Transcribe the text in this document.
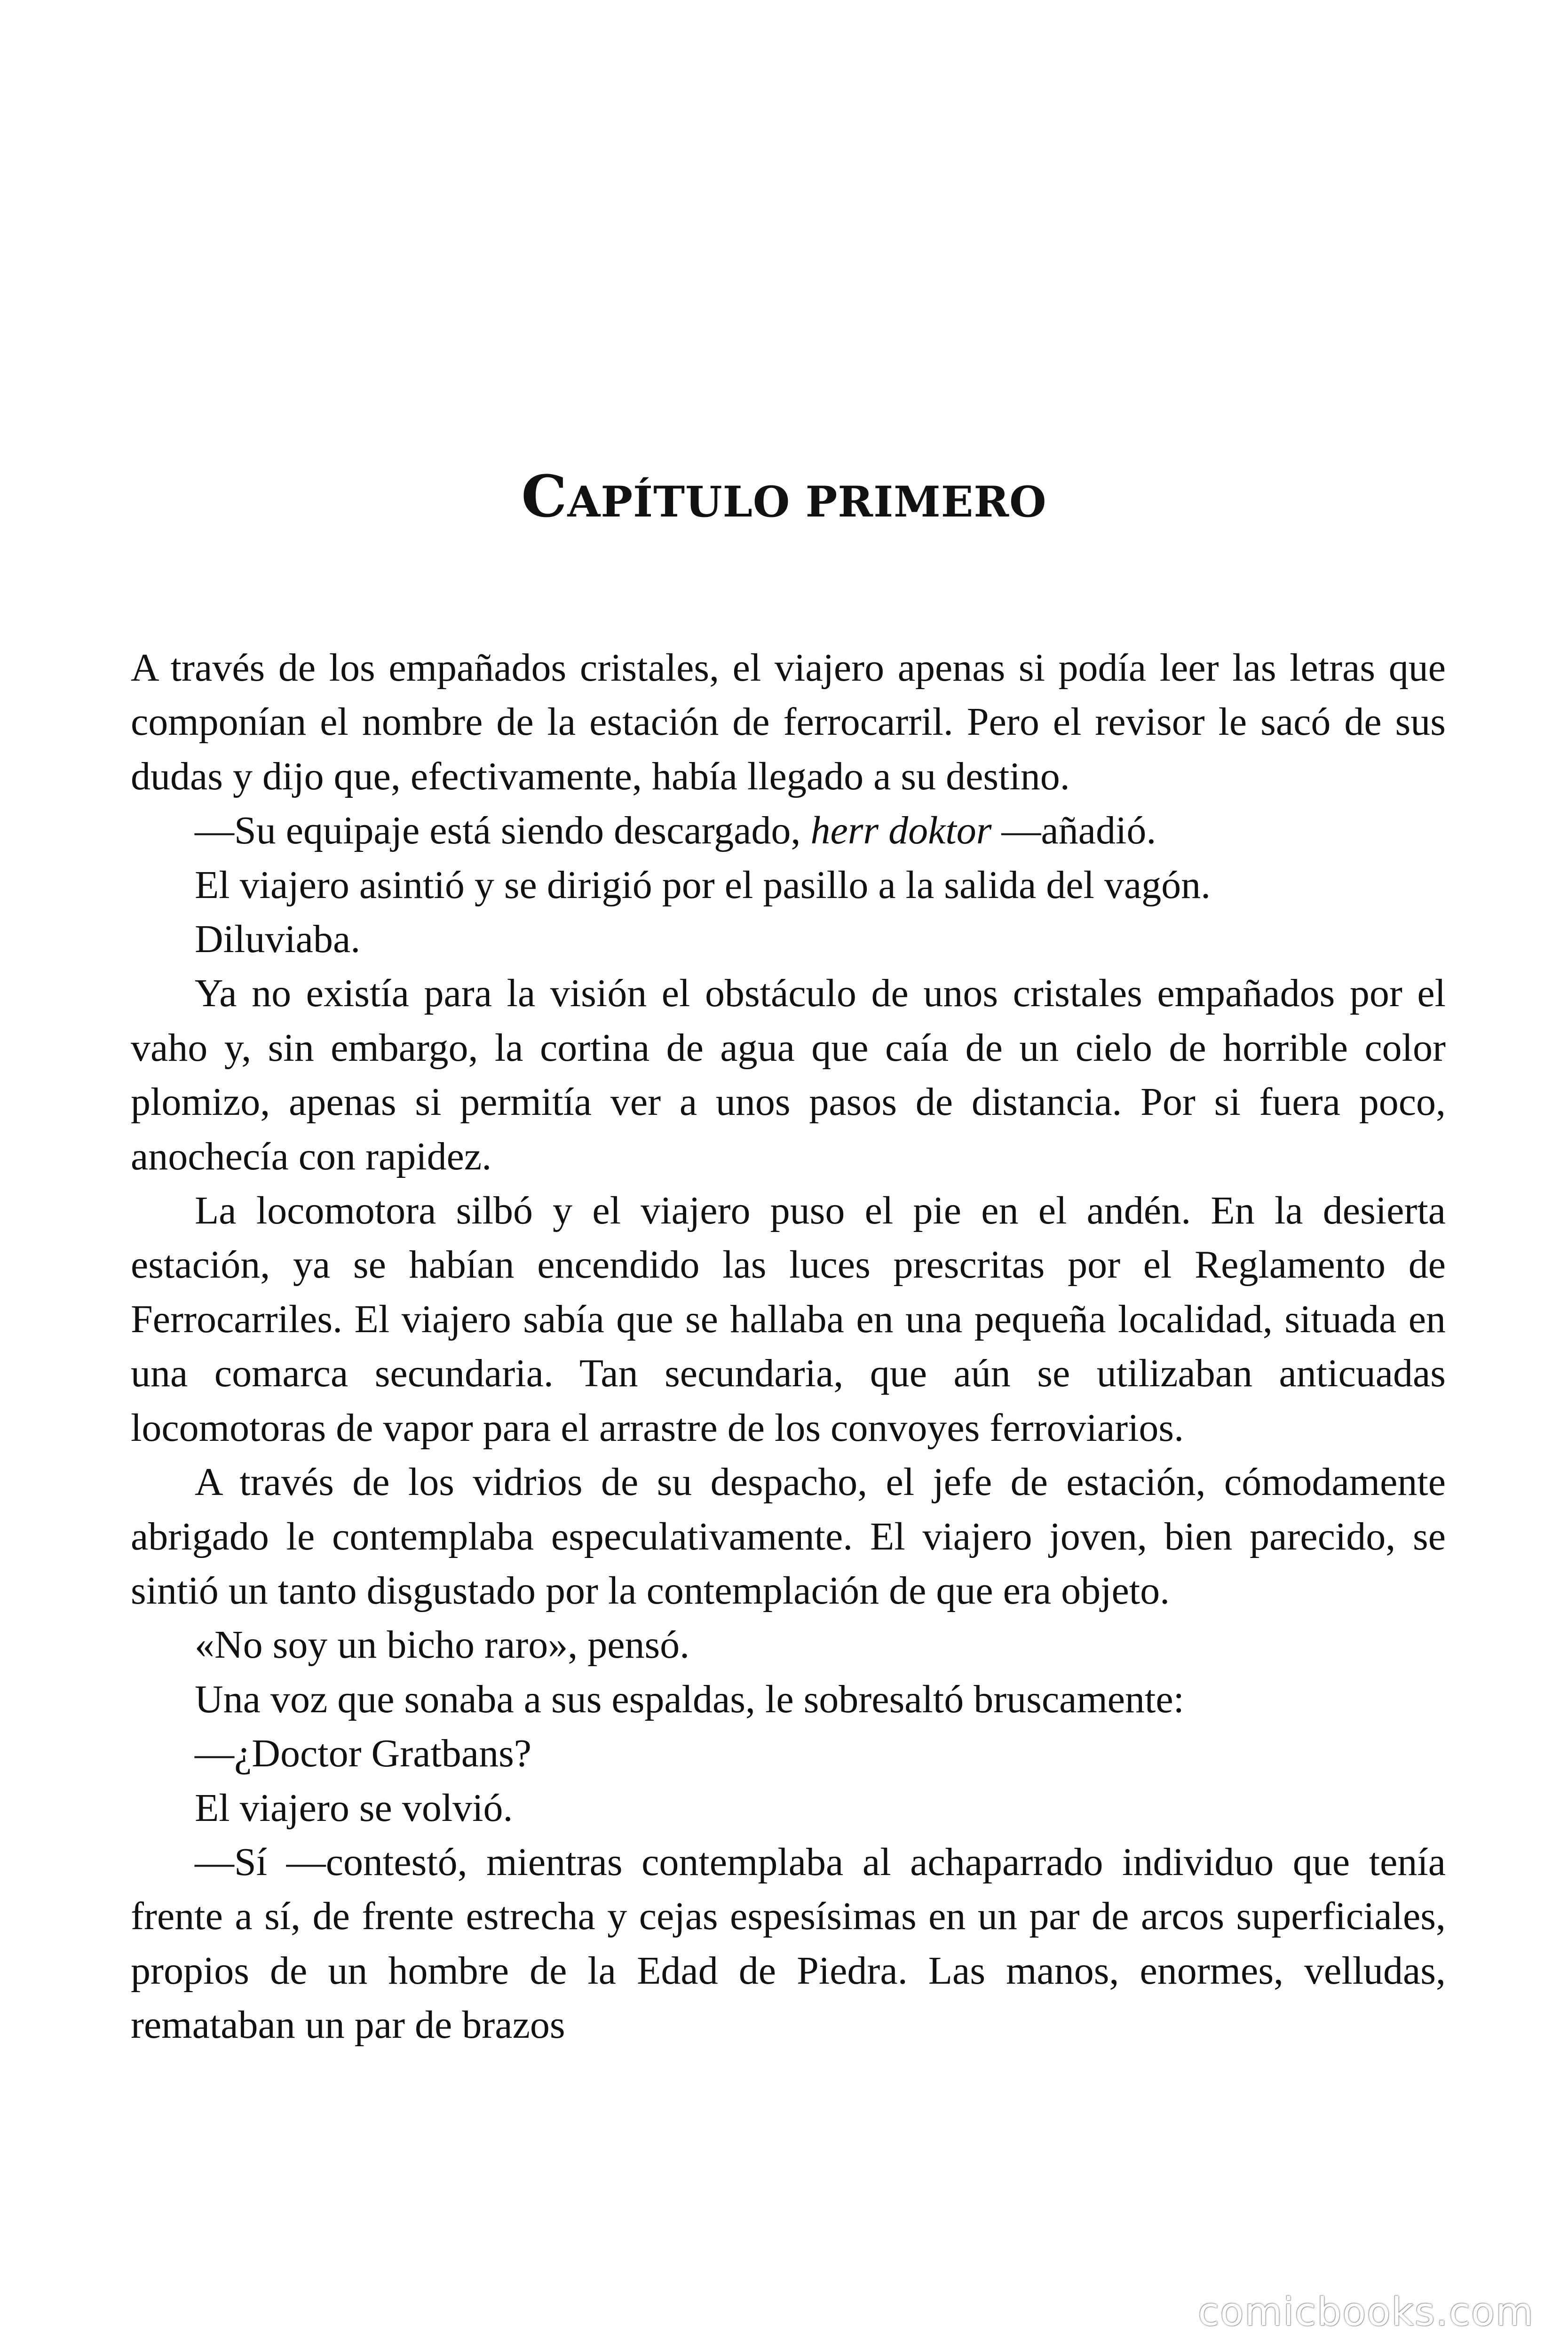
CAPÍTULO PRIMERO

A través de los empañados cristales, el viajero apenas si podía leer las letras que componían el nombre de la estación de ferrocarril. Pero el revisor le sacó de sus dudas y dijo que, efectivamente, había llegado a su destino.

—Su equipaje está siendo descargado, herr doktor —añadió.

El viajero asintió y se dirigió por el pasillo a la salida del vagón.

Diluviaba.

Ya no existía para la visión el obstáculo de unos cristales empañados por el vaho y, sin embargo, la cortina de agua que caía de un cielo de horrible color plomizo, apenas si permitía ver a unos pasos de distancia. Por si fuera poco, anochecía con rapidez.

La locomotora silbó y el viajero puso el pie en el andén. En la desierta estación, ya se habían encendido las luces prescritas por el Reglamento de Ferrocarriles. El viajero sabía que se hallaba en una pequeña localidad, situada en una comarca secundaria. Tan secundaria, que aún se utilizaban anticuadas locomotoras de vapor para el arrastre de los convoyes ferroviarios.

A través de los vidrios de su despacho, el jefe de estación, cómodamente abrigado le contemplaba especulativamente. El viajero joven, bien parecido, se sintió un tanto disgustado por la contemplación de que era objeto.

«No soy un bicho raro», pensó.

Una voz que sonaba a sus espaldas, le sobresaltó bruscamente:

—¿Doctor Gratbans?

El viajero se volvió.

—Sí —contestó, mientras contemplaba al achaparrado individuo que tenía frente a sí, de frente estrecha y cejas espesísimas en un par de arcos superficiales, propios de un hombre de la Edad de Piedra. Las manos, enormes, velludas, remataban un par de brazos

comicbooks.com
